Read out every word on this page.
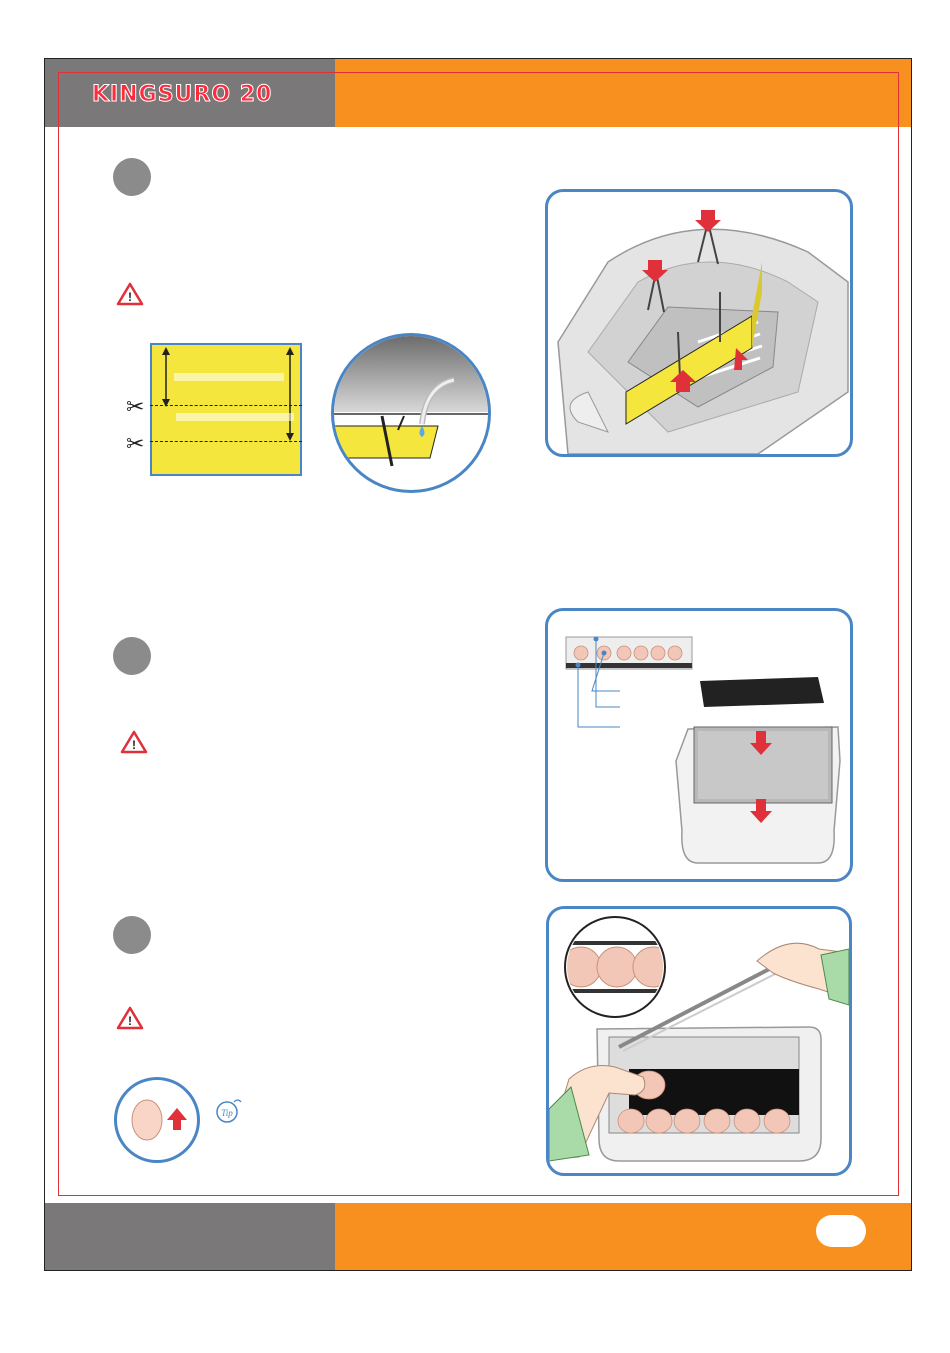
KINGSURO 20
!
✂
✂
!
!
Tip
